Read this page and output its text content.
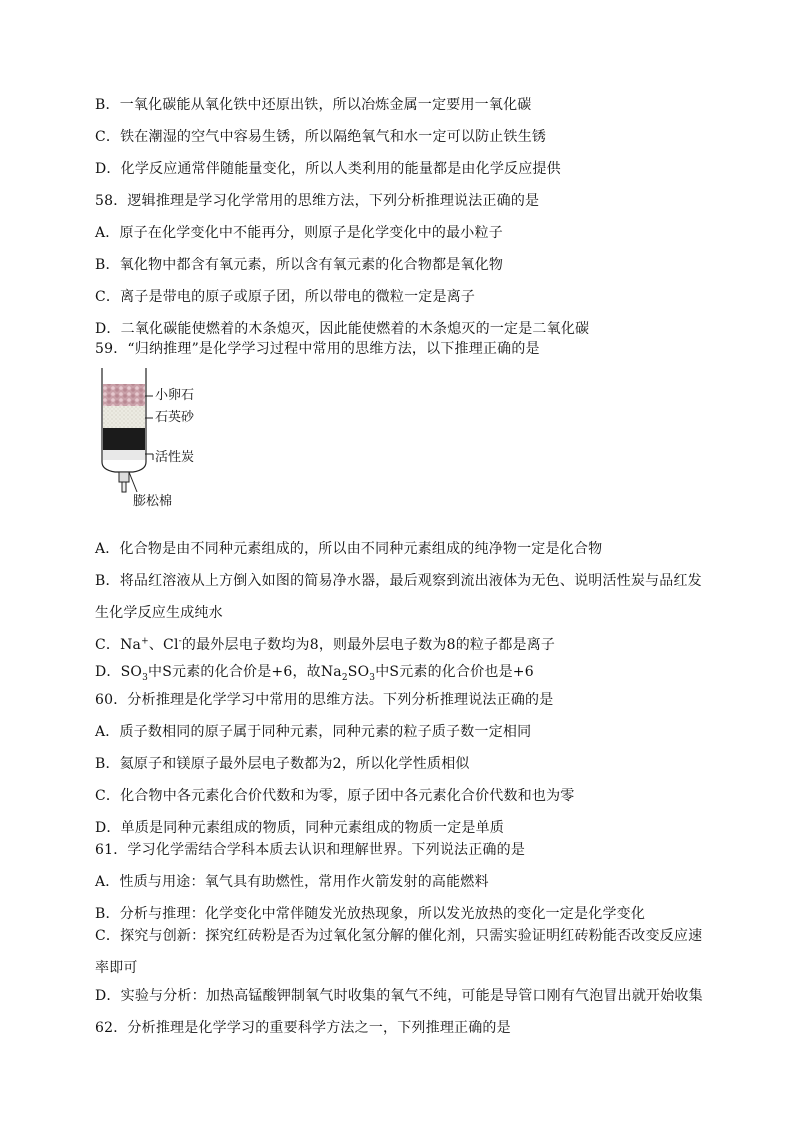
B．一氧化碳能从氧化铁中还原出铁，所以冶炼金属一定要用一氧化碳
C．铁在潮湿的空气中容易生锈，所以隔绝氧气和水一定可以防止铁生锈
D．化学反应通常伴随能量变化，所以人类利用的能量都是由化学反应提供
58．逻辑推理是学习化学常用的思维方法，下列分析推理说法正确的是
A．原子在化学变化中不能再分，则原子是化学变化中的最小粒子
B．氧化物中都含有氧元素，所以含有氧元素的化合物都是氧化物
C．离子是带电的原子或原子团，所以带电的微粒一定是离子
D．二氧化碳能使燃着的木条熄灭，因此能使燃着的木条熄灭的一定是二氧化碳
59．“归纳推理”是化学学习过程中常用的思维方法，以下推理正确的是
小卵石
石英砂
活性炭
膨松棉
A．化合物是由不同种元素组成的，所以由不同种元素组成的纯净物一定是化合物
B．将品红溶液从上方倒入如图的简易净水器，最后观察到流出液体为无色、说明活性炭与品红发
生化学反应生成纯水
C．Na+、Cl-的最外层电子数均为8，则最外层电子数为8的粒子都是离子
D．$SO_3$中S元素的化合价是+6，故$Na_2SO_3$中S元素的化合价也是+6
60．分析推理是化学学习中常用的思维方法。下列分析推理说法正确的是
A．质子数相同的原子属于同种元素，同种元素的粒子质子数一定相同
B．氦原子和镁原子最外层电子数都为2，所以化学性质相似
C．化合物中各元素化合价代数和为零，原子团中各元素化合价代数和也为零
D．单质是同种元素组成的物质，同种元素组成的物质一定是单质
61．学习化学需结合学科本质去认识和理解世界。下列说法正确的是
A．性质与用途：氧气具有助燃性，常用作火箭发射的高能燃料
B．分析与推理：化学变化中常伴随发光放热现象，所以发光放热的变化一定是化学变化
C．探究与创新：探究红砖粉是否为过氧化氢分解的催化剂，只需实验证明红砖粉能否改变反应速
率即可
D．实验与分析：加热高锰酸钾制氧气时收集的氧气不纯，可能是导管口刚有气泡冒出就开始收集
62．分析推理是化学学习的重要科学方法之一，下列推理正确的是
